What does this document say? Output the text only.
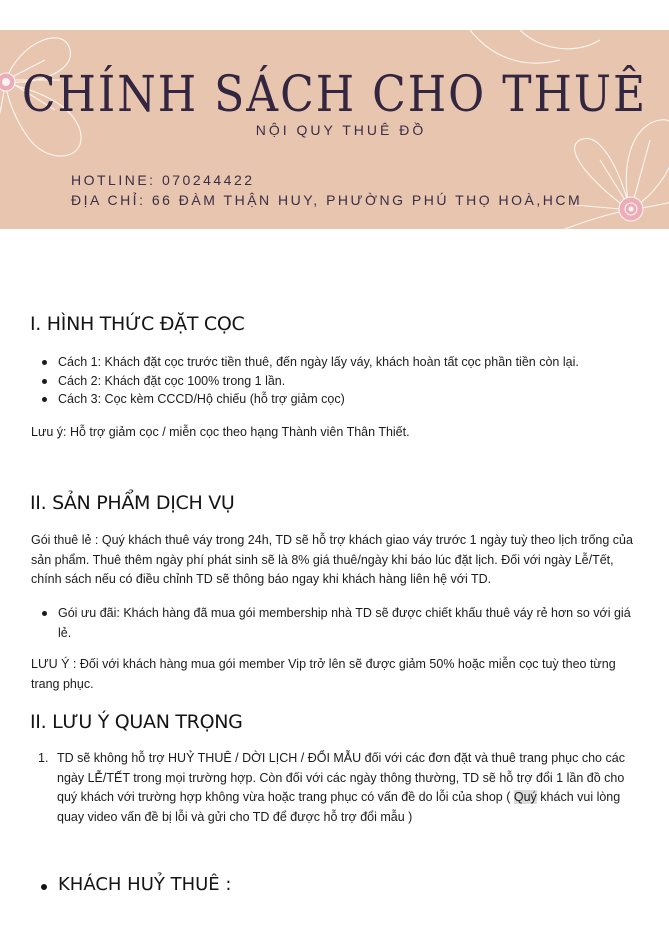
CHÍNH SÁCH CHO THUÊ
NỘI QUY THUÊ ĐỒ
HOTLINE: 070244422
ĐỊA CHỈ: 66 ĐÀM THẬN HUY, PHƯỜNG PHÚ THỌ HOÀ,HCM
I. HÌNH THỨC ĐẶT CỌC
Cách 1: Khách đặt cọc trước tiền thuê, đến ngày lấy váy, khách hoàn tất cọc phần tiền còn lại.
Cách 2: Khách đặt cọc 100% trong 1 lần.
Cách 3: Cọc kèm CCCD/Hộ chiếu (hỗ trợ giảm cọc)

Lưu ý: Hỗ trợ giảm cọc / miễn cọc theo hạng Thành viên Thân Thiết.

II. SẢN PHẨM DỊCH VỤ

Gói thuê lẻ : Quý khách thuê váy trong 24h, TD sẽ hỗ trợ khách giao váy trước 1 ngày tuỳ theo lịch trống của sản phẩm. Thuê thêm ngày phí phát sinh sẽ là 8% giá thuê/ngày khi báo lúc đặt lịch. Đối với ngày Lễ/Tết, chính sách nếu có điều chỉnh TD sẽ thông báo ngay khi khách hàng liên hệ với TD.

Gói ưu đãi: Khách hàng đã mua gói membership nhà TD sẽ được chiết khấu thuê váy rẻ hơn so với giá lẻ.

LƯU Ý : Đối với khách hàng mua gói member Vip trở lên sẽ được giảm 50% hoặc miễn cọc tuỳ theo từng trang phục.

II. LƯU Ý QUAN TRỌNG
1. TD sẽ không hỗ trợ HUỶ THUÊ / DỜI LỊCH / ĐỔI MẪU đối với các đơn đặt và thuê trang phục cho các ngày LỄ/TẾT trong mọi trường hợp. Còn đối với các ngày thông thường, TD sẽ hỗ trợ đổi 1 lần đồ cho quý khách với trường hợp không vừa hoặc trang phục có vấn đề do lỗi của shop ( Quý khách vui lòng quay video vấn đề bị lỗi và gửi cho TD để được hỗ trợ đổi mẫu )
KHÁCH HUỶ THUÊ :
